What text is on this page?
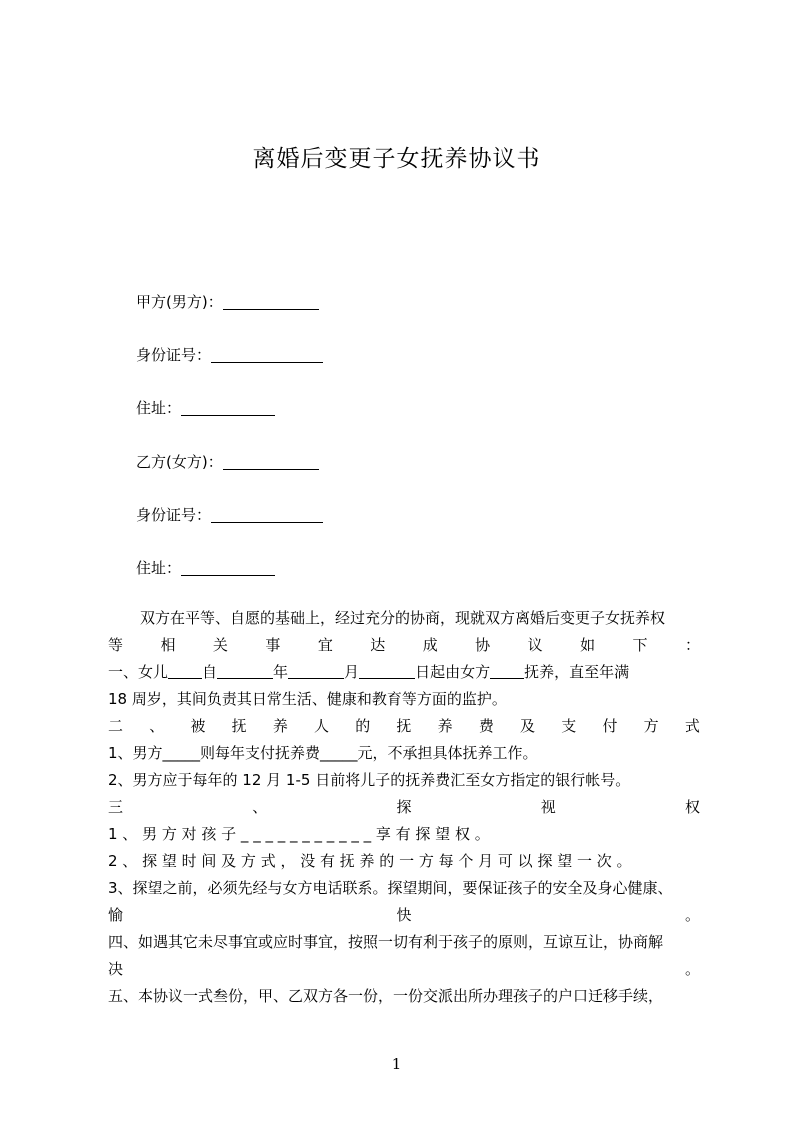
离婚后变更子女抚养协议书
甲方(男方)：
身份证号：
住址：
乙方(女方)：
身份证号：
住址：
双方在平等、自愿的基础上，经过充分的协商，现就双方离婚后变更子女抚养权
等 相 关 事 宜 达 成 协 议 如 下 ：
一、女儿 自	年	月	日起由女方 抚养，直至年满
18 周岁，其间负责其日常生活、健康和教育等方面的监护。
二 、 被 抚 养 人 的 抚 养 费 及 支 付 方 式
1、男方_____则每年支付抚养费_____元，不承担具体抚养工作。
2、男方应于每年的 12 月 1-5 日前将儿子的抚养费汇至女方指定的银行帐号。
三	、	探	视	权
1 、 男 方 对 孩 子 _ _ _ _ _ _ _ _ _ _ _ 享 有 探 望 权 。
2 、 探 望 时 间 及 方 式 ， 没 有 抚 养 的 一 方 每 个 月 可 以 探 望 一 次 。
3、探望之前，必须先经与女方电话联系。探望期间，要保证孩子的安全及身心健康、
愉	快	。
四、如遇其它未尽事宜或应时事宜，按照一切有利于孩子的原则，互谅互让，协商解
决	。
五、本协议一式叁份，甲、乙双方各一份，一份交派出所办理孩子的户口迁移手续，
1
